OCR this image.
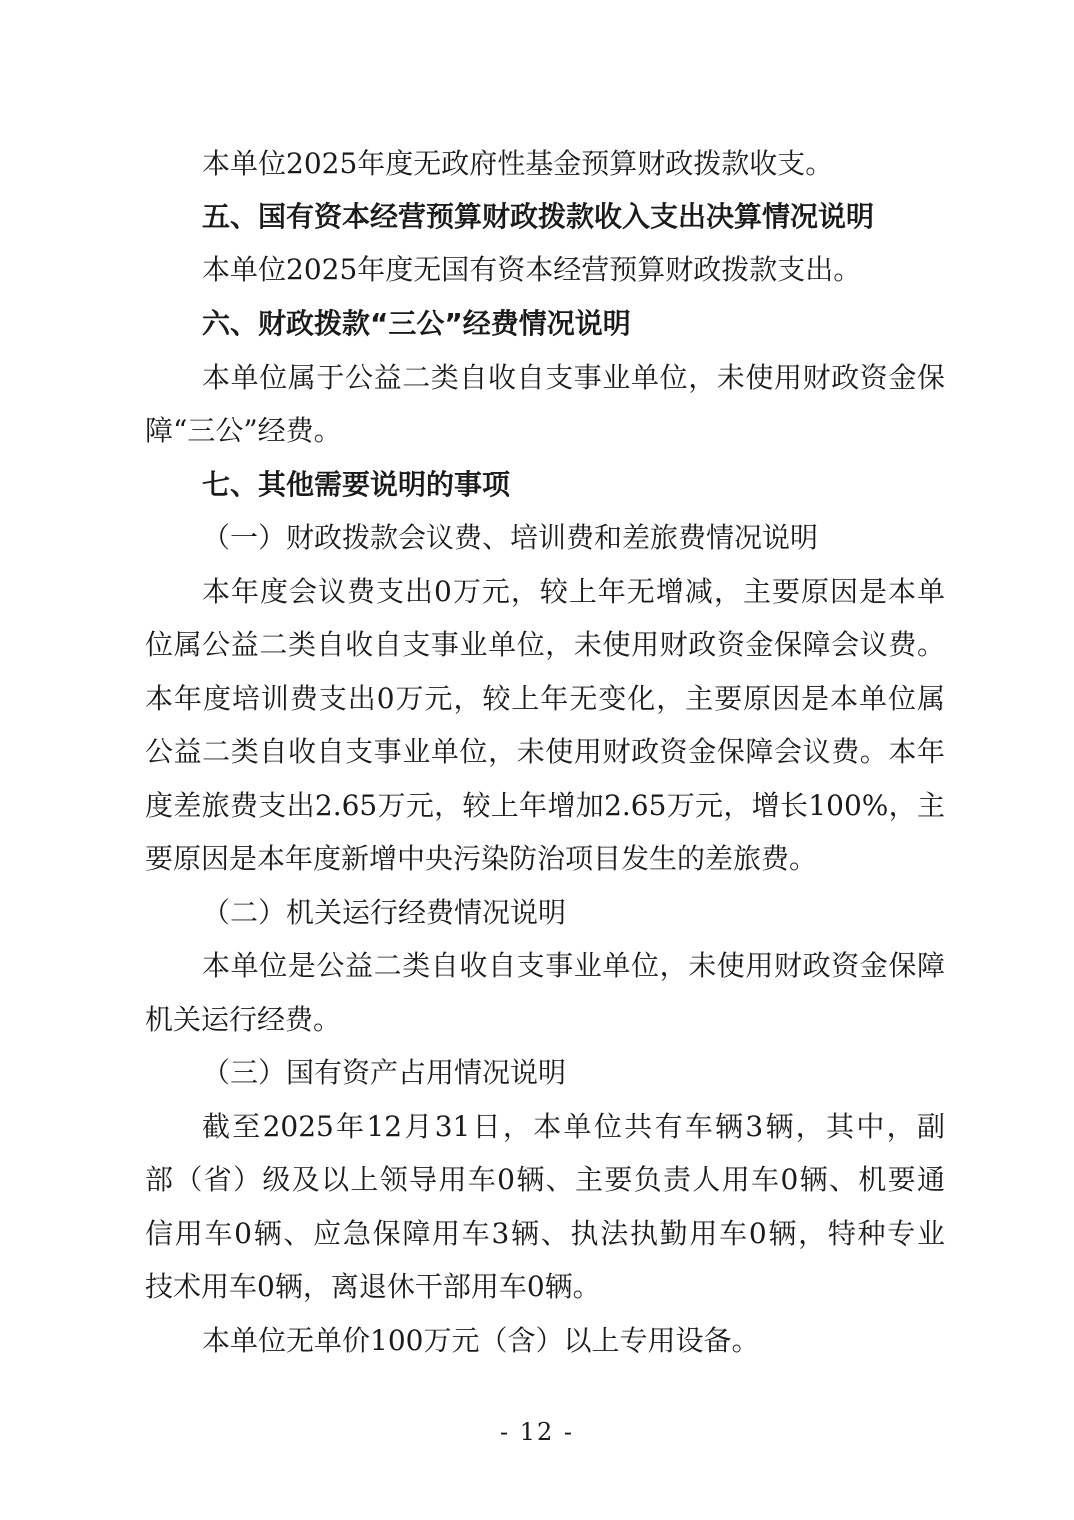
本单位2025年度无政府性基金预算财政拨款收支。
五、国有资本经营预算财政拨款收入支出决算情况说明
本单位2025年度无国有资本经营预算财政拨款支出。
六、财政拨款“三公”经费情况说明
本单位属于公益二类自收自支事业单位，未使用财政资金保
障“三公”经费。
七、其他需要说明的事项
（一）财政拨款会议费、培训费和差旅费情况说明
本年度会议费支出0万元，较上年无增减，主要原因是本单
位属公益二类自收自支事业单位，未使用财政资金保障会议费。
本年度培训费支出0万元，较上年无变化，主要原因是本单位属
公益二类自收自支事业单位，未使用财政资金保障会议费。本年
度差旅费支出2.65万元，较上年增加2.65万元，增长100%，主
要原因是本年度新增中央污染防治项目发生的差旅费。
（二）机关运行经费情况说明
本单位是公益二类自收自支事业单位，未使用财政资金保障
机关运行经费。
（三）国有资产占用情况说明
截至2025年12月31日，本单位共有车辆3辆，其中，副
部（省）级及以上领导用车0辆、主要负责人用车0辆、机要通
信用车0辆、应急保障用车3辆、执法执勤用车0辆，特种专业
技术用车0辆，离退休干部用车0辆。
本单位无单价100万元（含）以上专用设备。
- 12 -
